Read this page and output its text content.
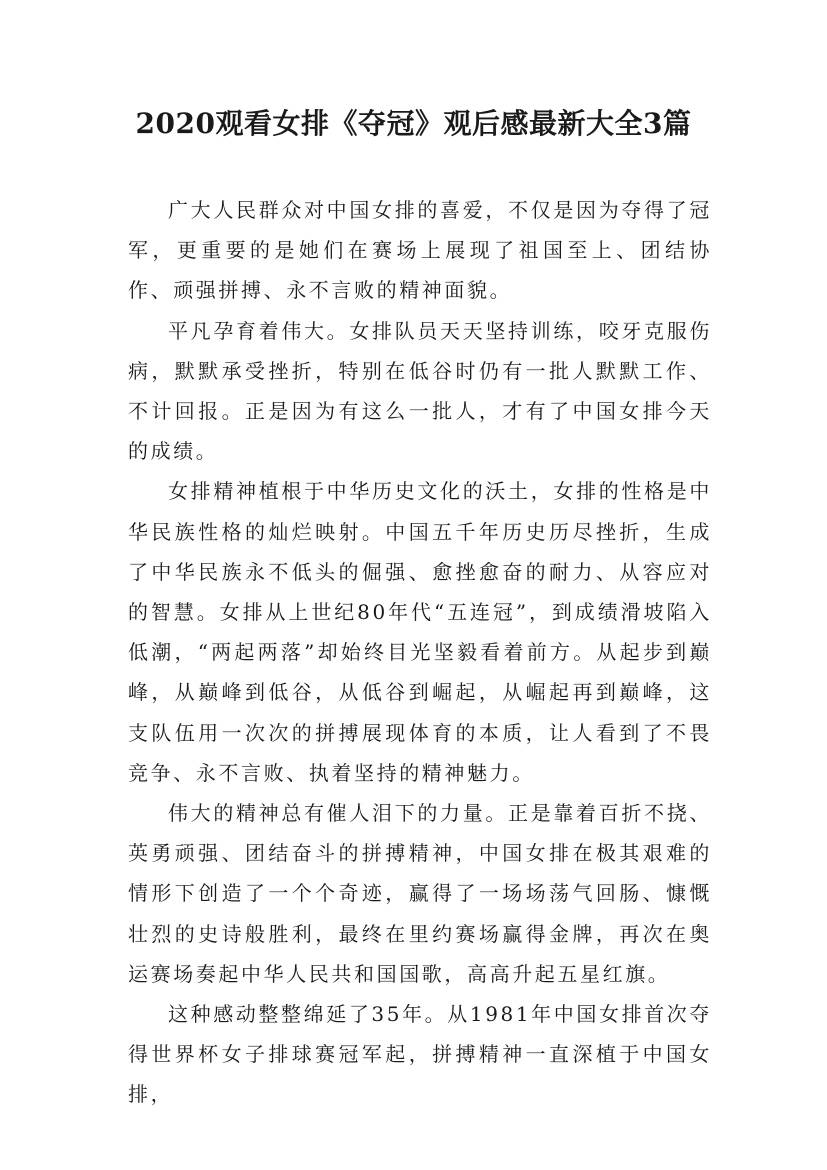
2020观看女排《夺冠》观后感最新大全3篇

广大人民群众对中国女排的喜爱，不仅是因为夺得了冠军，更重要的是她们在赛场上展现了祖国至上、团结协作、顽强拼搏、永不言败的精神面貌。

平凡孕育着伟大。女排队员天天坚持训练，咬牙克服伤病，默默承受挫折，特别在低谷时仍有一批人默默工作、不计回报。正是因为有这么一批人，才有了中国女排今天的成绩。

女排精神植根于中华历史文化的沃土，女排的性格是中华民族性格的灿烂映射。中国五千年历史历尽挫折，生成了中华民族永不低头的倔强、愈挫愈奋的耐力、从容应对的智慧。女排从上世纪80年代“五连冠”，到成绩滑坡陷入低潮，“两起两落”却始终目光坚毅看着前方。从起步到巅峰，从巅峰到低谷，从低谷到崛起，从崛起再到巅峰，这支队伍用一次次的拼搏展现体育的本质，让人看到了不畏竞争、永不言败、执着坚持的精神魅力。

伟大的精神总有催人泪下的力量。正是靠着百折不挠、英勇顽强、团结奋斗的拼搏精神，中国女排在极其艰难的情形下创造了一个个奇迹，赢得了一场场荡气回肠、慷慨壮烈的史诗般胜利，最终在里约赛场赢得金牌，再次在奥运赛场奏起中华人民共和国国歌，高高升起五星红旗。

这种感动整整绵延了35年。从1981年中国女排首次夺得世界杯女子排球赛冠军起，拼搏精神一直深植于中国女排，
